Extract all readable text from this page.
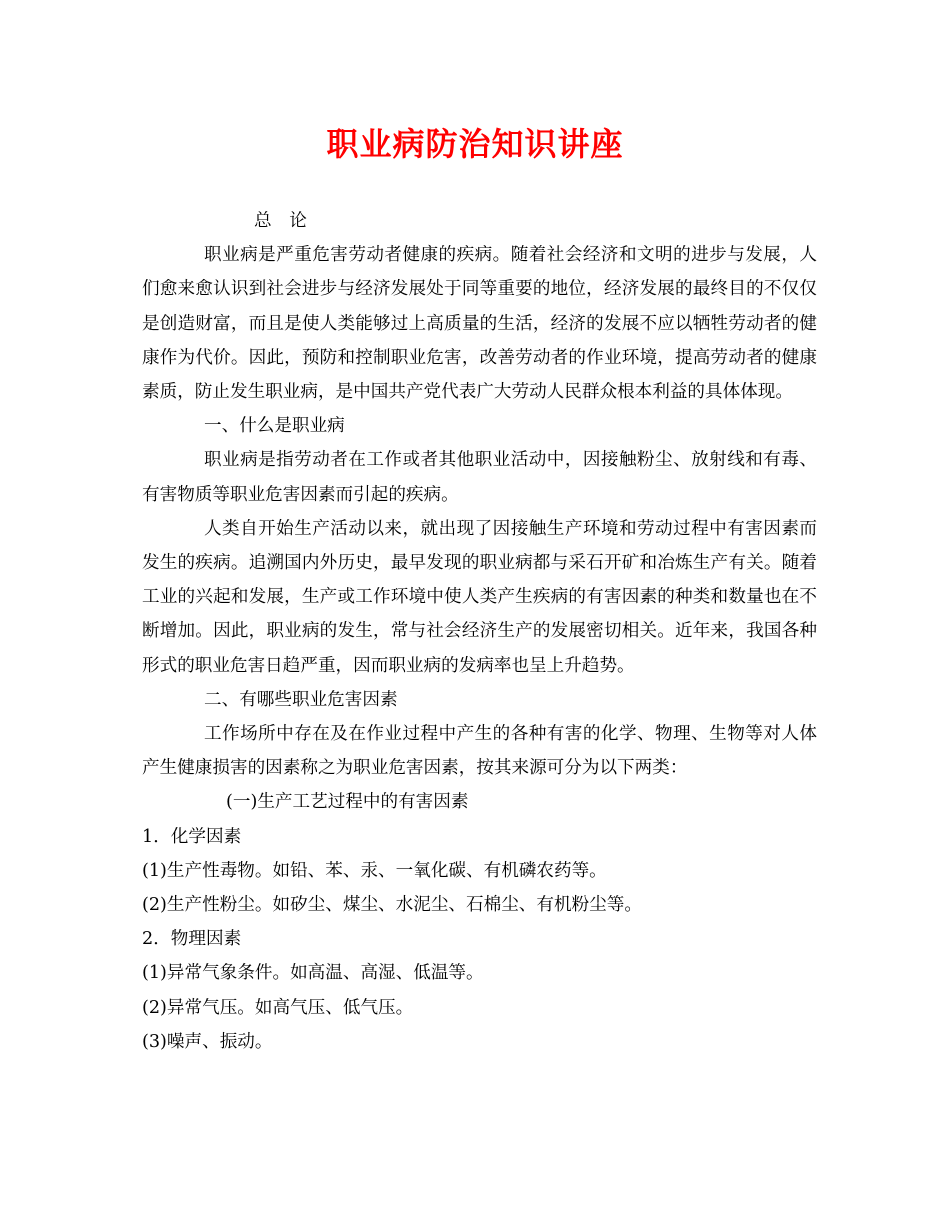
职业病防治知识讲座
总　论

职业病是严重危害劳动者健康的疾病。随着社会经济和文明的进步与发展，人们愈来愈认识到社会进步与经济发展处于同等重要的地位，经济发展的最终目的不仅仅是创造财富，而且是使人类能够过上高质量的生活，经济的发展不应以牺牲劳动者的健康作为代价。因此，预防和控制职业危害，改善劳动者的作业环境，提高劳动者的健康素质，防止发生职业病，是中国共产党代表广大劳动人民群众根本利益的具体体现。

一、什么是职业病

职业病是指劳动者在工作或者其他职业活动中，因接触粉尘、放射线和有毒、有害物质等职业危害因素而引起的疾病。

人类自开始生产活动以来，就出现了因接触生产环境和劳动过程中有害因素而发生的疾病。追溯国内外历史，最早发现的职业病都与采石开矿和冶炼生产有关。随着工业的兴起和发展，生产或工作环境中使人类产生疾病的有害因素的种类和数量也在不断增加。因此，职业病的发生，常与社会经济生产的发展密切相关。近年来，我国各种形式的职业危害日趋严重，因而职业病的发病率也呈上升趋势。

二、有哪些职业危害因素

工作场所中存在及在作业过程中产生的各种有害的化学、物理、生物等对人体产生健康损害的因素称之为职业危害因素，按其来源可分为以下两类：

(一)生产工艺过程中的有害因素
1．化学因素
(1)生产性毒物。如铅、苯、汞、一氧化碳、有机磷农药等。
(2)生产性粉尘。如矽尘、煤尘、水泥尘、石棉尘、有机粉尘等。
2．物理因素
(1)异常气象条件。如高温、高湿、低温等。
(2)异常气压。如高气压、低气压。
(3)噪声、振动。
